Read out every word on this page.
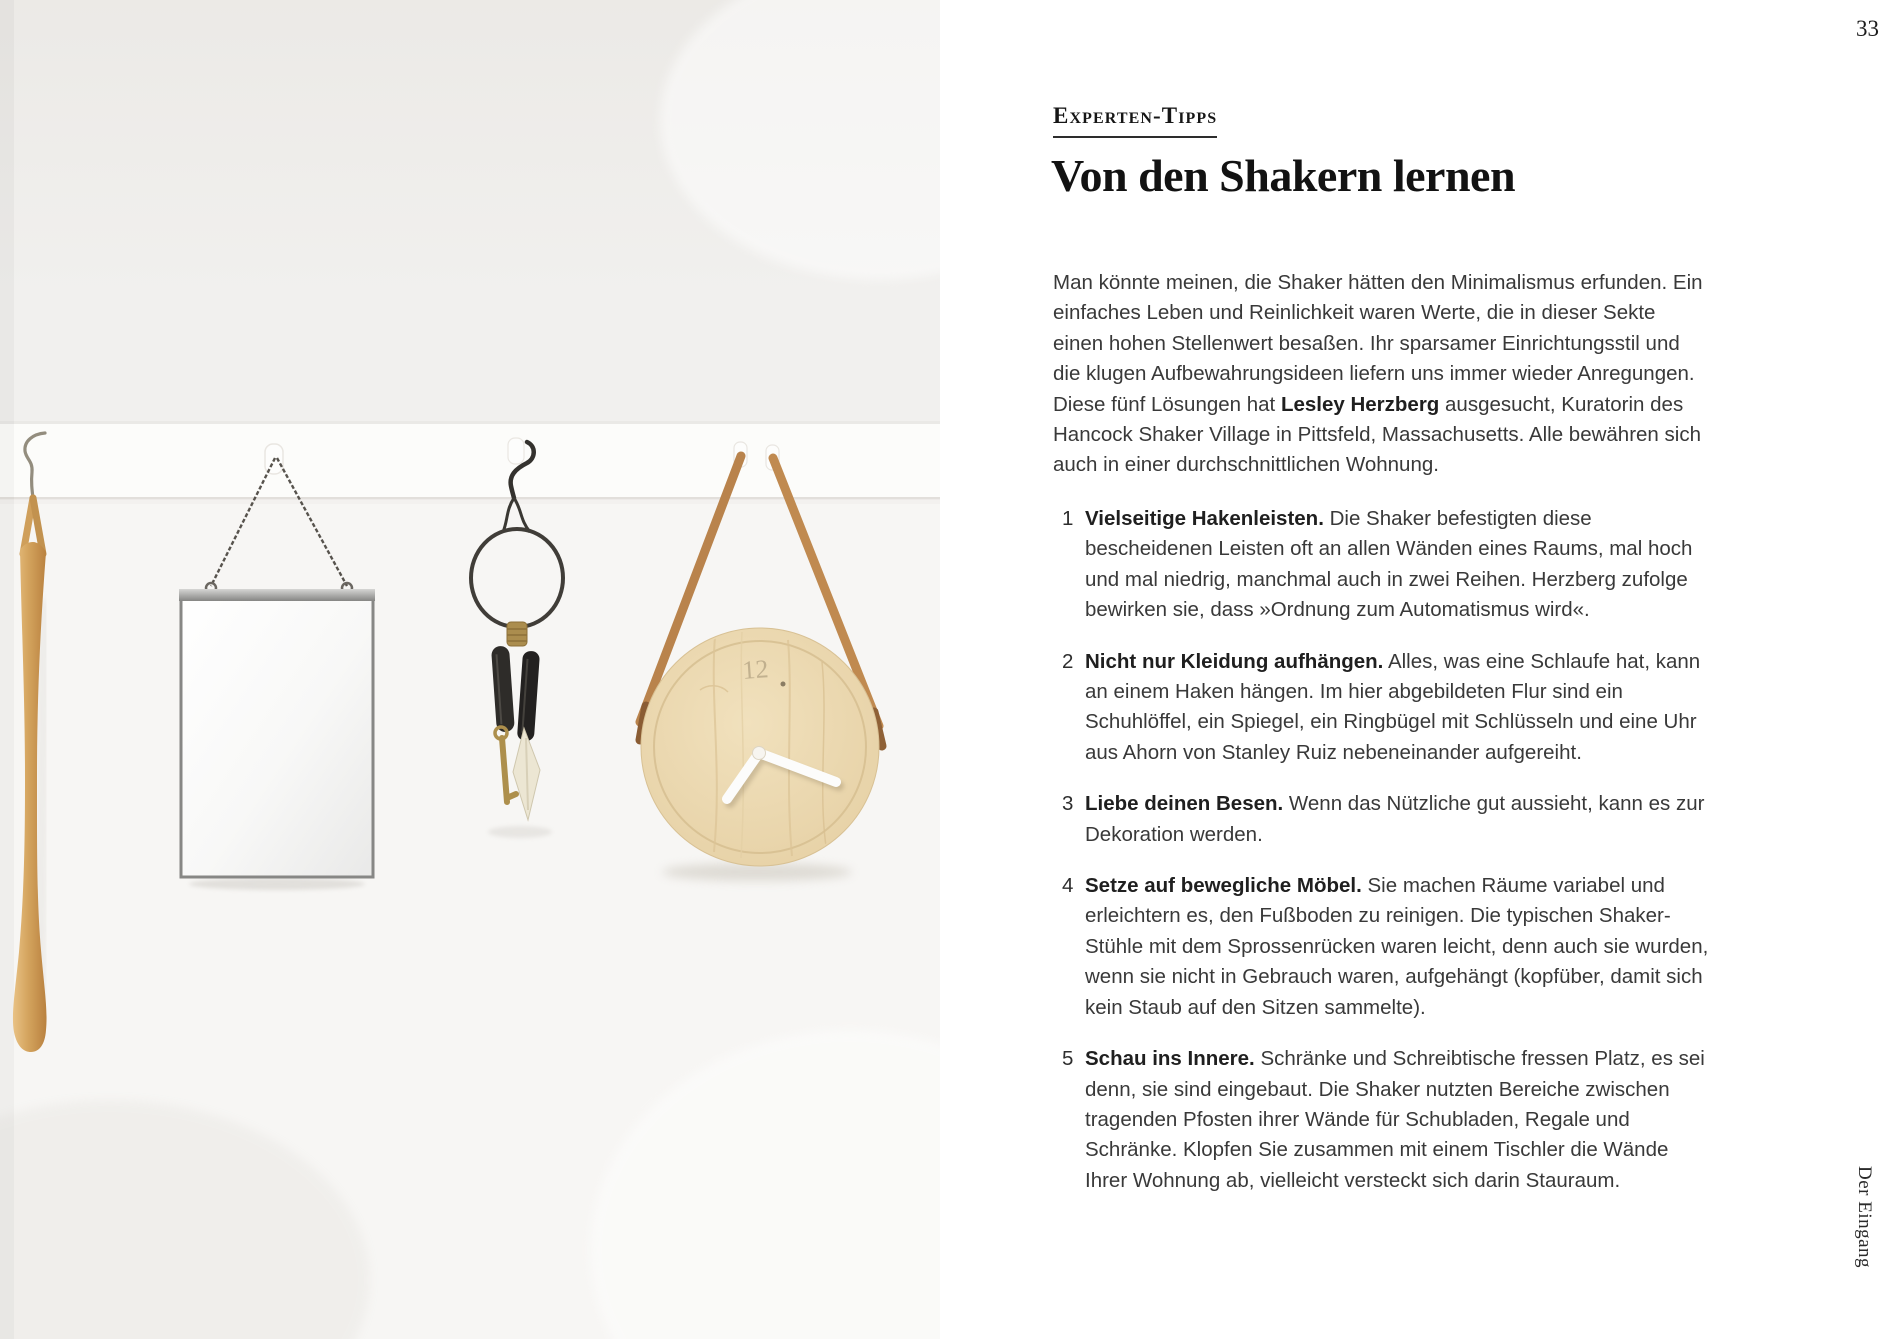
12
33
Experten-Tipps
Von den Shakern lernen

Man könnte meinen, die Shaker hätten den Minimalismus erfunden. Ein einfaches Leben und Reinlichkeit waren Werte, die in dieser Sekte einen hohen Stellenwert besaßen. Ihr sparsamer Einrichtungsstil und die klugen Aufbewahrungsideen liefern uns immer wieder Anregungen. Diese fünf Lösungen hat Lesley Herzberg ausgesucht, Kuratorin des Hancock Shaker Village in Pittsfeld, Massachusetts. Alle bewähren sich auch in einer durchschnittlichen Wohnung.

1 Vielseitige Hakenleisten. Die Shaker befestigten diese bescheidenen Leisten oft an allen Wänden eines Raums, mal hoch und mal niedrig, manchmal auch in zwei Reihen. Herzberg zufolge bewirken sie, dass »Ordnung zum Automatismus wird«.
2 Nicht nur Kleidung aufhängen. Alles, was eine Schlaufe hat, kann an einem Haken hängen. Im hier abgebildeten Flur sind ein Schuhlöffel, ein Spiegel, ein Ringbügel mit Schlüsseln und eine Uhr aus Ahorn von Stanley Ruiz nebeneinander aufgereiht.
3 Liebe deinen Besen. Wenn das Nützliche gut aussieht, kann es zur Dekoration werden.
4 Setze auf bewegliche Möbel. Sie machen Räume variabel und erleichtern es, den Fußboden zu reinigen. Die typischen Shaker-Stühle mit dem Sprossenrücken waren leicht, denn auch sie wurden, wenn sie nicht in Gebrauch waren, aufgehängt (kopfüber, damit sich kein Staub auf den Sitzen sammelte).
5 Schau ins Innere. Schränke und Schreibtische fressen Platz, es sei denn, sie sind eingebaut. Die Shaker nutzten Bereiche zwischen tragenden Pfosten ihrer Wände für Schubladen, Regale und Schränke. Klopfen Sie zusammen mit einem Tischler die Wände Ihrer Wohnung ab, vielleicht versteckt sich darin Stauraum.	Der Eingang
